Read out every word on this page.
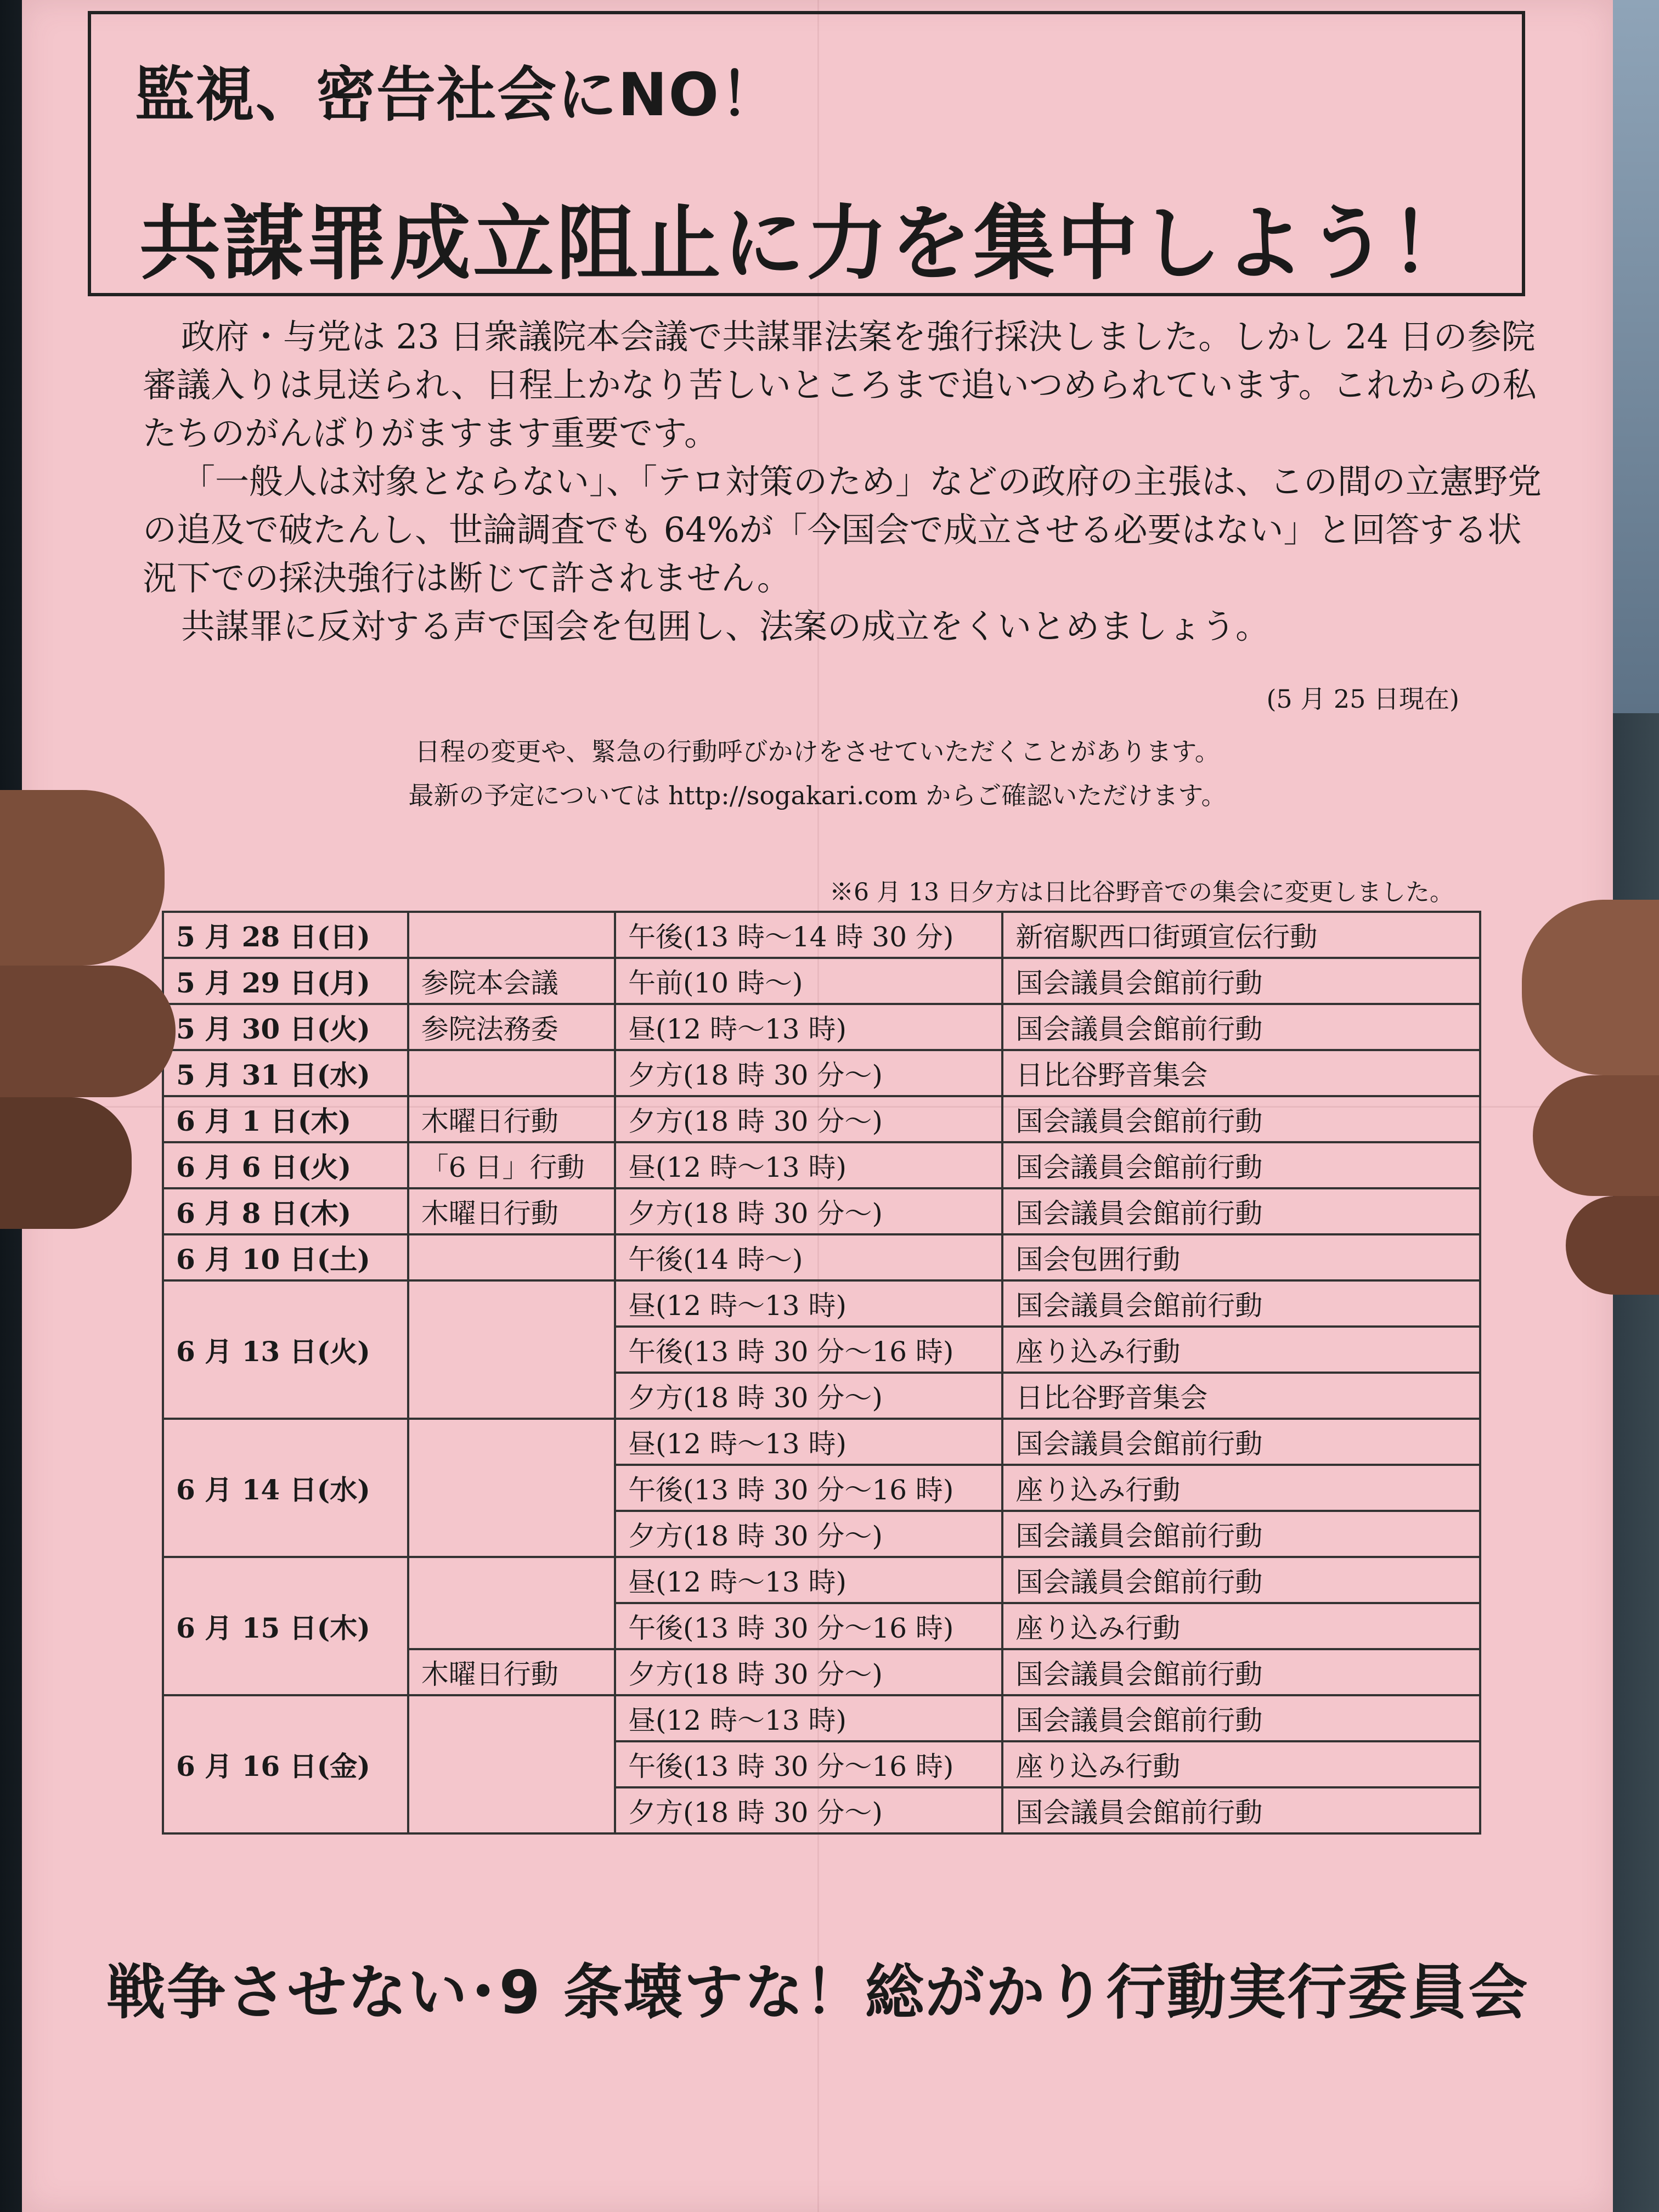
監視、密告社会にNO！
共謀罪成立阻止に力を集中しよう！

政府・与党は 23 日衆議院本会議で共謀罪法案を強行採決しました。しかし 24 日の参院審議入りは見送られ、日程上かなり苦しいところまで追いつめられています。これからの私たちのがんばりがますます重要です。

「一般人は対象とならない」、「テロ対策のため」などの政府の主張は、この間の立憲野党の追及で破たんし、世論調査でも 64%が「今国会で成立させる必要はない」と回答する状況下での採決強行は断じて許されません。

共謀罪に反対する声で国会を包囲し、法案の成立をくいとめましょう。

(5 月 25 日現在)
日程の変更や、緊急の行動呼びかけをさせていただくことがあります。
最新の予定については http://sogakari.com からご確認いただけます。
※6 月 13 日夕方は日比谷野音での集会に変更しました。
5 月 28 日(日)		午後(13 時～14 時 30 分)	新宿駅西口街頭宣伝行動
5 月 29 日(月)	参院本会議	午前(10 時～)	国会議員会館前行動
5 月 30 日(火)	参院法務委	昼(12 時～13 時)	国会議員会館前行動
5 月 31 日(水)		夕方(18 時 30 分～)	日比谷野音集会
6 月 1 日(木)	木曜日行動	夕方(18 時 30 分～)	国会議員会館前行動
6 月 6 日(火)	「6 日」行動	昼(12 時～13 時)	国会議員会館前行動
6 月 8 日(木)	木曜日行動	夕方(18 時 30 分～)	国会議員会館前行動
6 月 10 日(土)		午後(14 時～)	国会包囲行動
6 月 13 日(火)		昼(12 時～13 時)	国会議員会館前行動
		午後(13 時 30 分～16 時)	座り込み行動
		夕方(18 時 30 分～)	日比谷野音集会
6 月 14 日(水)		昼(12 時～13 時)	国会議員会館前行動
		午後(13 時 30 分～16 時)	座り込み行動
		夕方(18 時 30 分～)	国会議員会館前行動
6 月 15 日(木)		昼(12 時～13 時)	国会議員会館前行動
		午後(13 時 30 分～16 時)	座り込み行動
	木曜日行動	夕方(18 時 30 分～)	国会議員会館前行動
6 月 16 日(金)		昼(12 時～13 時)	国会議員会館前行動
		午後(13 時 30 分～16 時)	座り込み行動
		夕方(18 時 30 分～)	国会議員会館前行動
戦争させない･9 条壊すな！総がかり行動実行委員会
